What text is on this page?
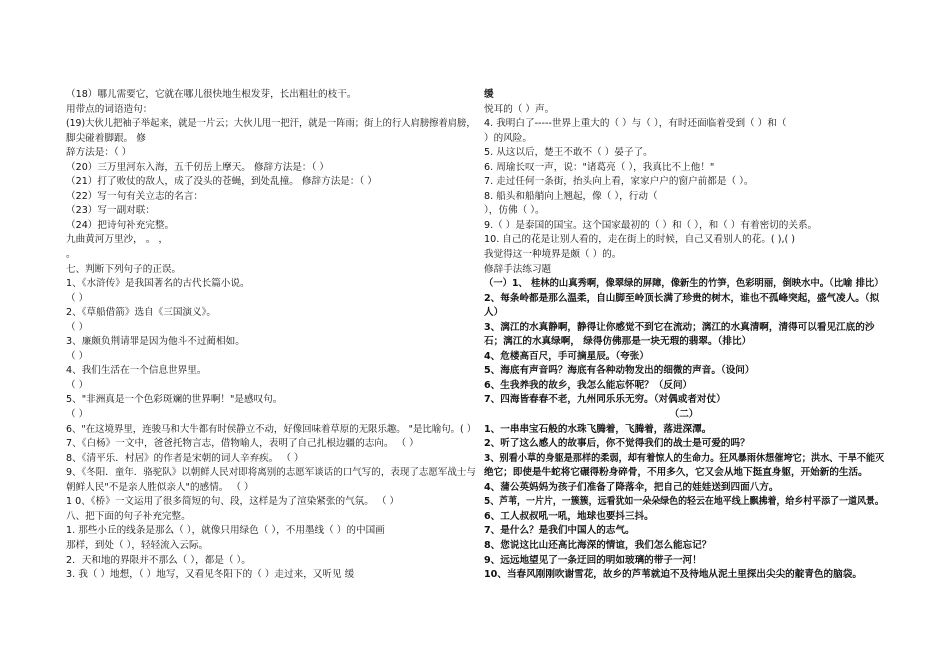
（18）哪儿需要它，它就在哪儿很快地生根发芽，长出粗壮的枝干。
用带点的词语造句：
(19)大伙儿把袖子举起来，就是一片云；大伙儿甩一把汗，就是一阵雨；街上的行人肩膀擦着肩膀，
脚尖碰着脚跟。 修
辞方法是：（ ）
（20）三万里河东入海，五千仞岳上摩天。 修辞方法是：（ ）
（21）打了败仗的敌人，成了没头的苍蝇，到处乱撞。 修辞方法是：（ ）
（22）写一句有关立志的名言：
（23）写一副对联：
（24）把诗句补充完整。
九曲黄河万里沙， 。 ，
。
七、判断下列句子的正误。
1、《水浒传》是我国著名的古代长篇小说。
（ ）
2、《草船借箭》选自《三国演义》。
（ ）
3、廉颇负荆请罪是因为他斗不过蔺相如。
（ ）
4、我们生活在一个信息世界里。
（ ）
5、"非洲真是一个色彩斑斓的世界啊！"是感叹句。
（ ）
6、"在这境界里，连骏马和大牛都有时侯静立不动，好像回味着草原的无限乐趣。 "是比喻句。( ）
7、《白杨》一文中，爸爸托物言志，借物喻人，表明了自己扎根边疆的志向。 （ ）
8、《清平乐．村居》的作者是宋朝的词人辛弃疾。 （ ）
9、《冬阳．童年．骆驼队》以朝鲜人民对即将离别的志愿军谈话的口气写的，表现了志愿军战士与
朝鲜人民"不是亲人胜似亲人"的感情。 （ ）
1 0、《桥》一文运用了很多简短的句、段，这样是为了渲染紧张的气氛。 （ ）
八、把下面的句子补充完整。
1. 那些小丘的线条是那么（ ），就像只用绿色（ ），不用墨线（ ）的中国画
那样，到处（ ），轻轻流入云际。
2．天和地的界限并不那么（ ），都是（ ）。
3. 我（ ）地想，（ ）地写，又看见冬阳下的（ ）走过来，又听见 缓
缓
悦耳的（ ）声。
4. 我明白了-----世界上重大的（ ）与（ ），有时还面临着受到（ ）和（
）的风险。
5. 从这以后，楚王不敢不（ ）晏子了。
6. 周瑜长叹一声，说："诸葛亮（ ），我真比不上他！"
7. 走过任何一条街，抬头向上看，家家户户的窗户前都是（ ）。
8. 船头和船艄向上翘起，像（ ），行动（
），仿佛（ ）。
9.（ ）是泰国的国宝。这个国家最初的（ ）和（ ），和（ ）有着密切的关系。
10. 自己的花是让别人看的，走在街上的时候，自己又看别人的花。( ),( )
我觉得这一种境界是颇（ ）的。
修辞手法练习题
（一）1、 桂林的山真秀啊，像翠绿的屏障，像新生的竹笋，色彩明丽，倒映水中。（比喻 排比）
2、每条岭都是那么温柔，自山脚至岭顶长满了珍贵的树木，谁也不孤峰突起，盛气凌人。（拟
人）
3、漓江的水真静啊，静得让你感觉不到它在流动；漓江的水真清啊，清得可以看见江底的沙
石；漓江的水真绿啊， 绿得仿佛那是一块无瑕的翡翠。（排比）
4、危楼高百尺，手可摘星辰。（夸张）
5、海底有声音吗？海底有各种动物发出的细微的声音。（设问）
6、生我养我的故乡，我怎么能忘怀呢？（反问）
7、四海皆春春不老，九州同乐乐无穷。（对偶或者对仗）
（二）
1、一串串宝石般的水珠飞腾着，飞腾着，落进深潭。
2、听了这么感人的故事后，你不觉得我们的战士是可爱的吗？
3、别看小草的身躯是那样的柔弱，却有着惊人的生命力。狂风暴雨休想催垮它；洪水、干旱不能灭
绝它；即使是牛蛇将它碾得粉身碎骨，不用多久，它又会从地下挺直身躯，开始新的生活。
4、蒲公英妈妈为孩子们准备了降落伞，把自己的娃娃送到四面八方。
5、芦苇，一片片，一簇簇，远看犹如一朵朵绿色的轻云在地平线上飘拂着，给乡村平添了一道风景。
6、工人叔叔吼一吼，地球也要抖三抖。
7、是什么？是我们中国人的志气。
8、您说这比山还高比海深的情谊，我们怎么能忘记？
9、远远地望见了一条迂回的明如玻璃的带子一河！
10、当春风刚刚吹谢雪花，故乡的芦苇就迫不及待地从泥土里探出尖尖的靛青色的脑袋。
